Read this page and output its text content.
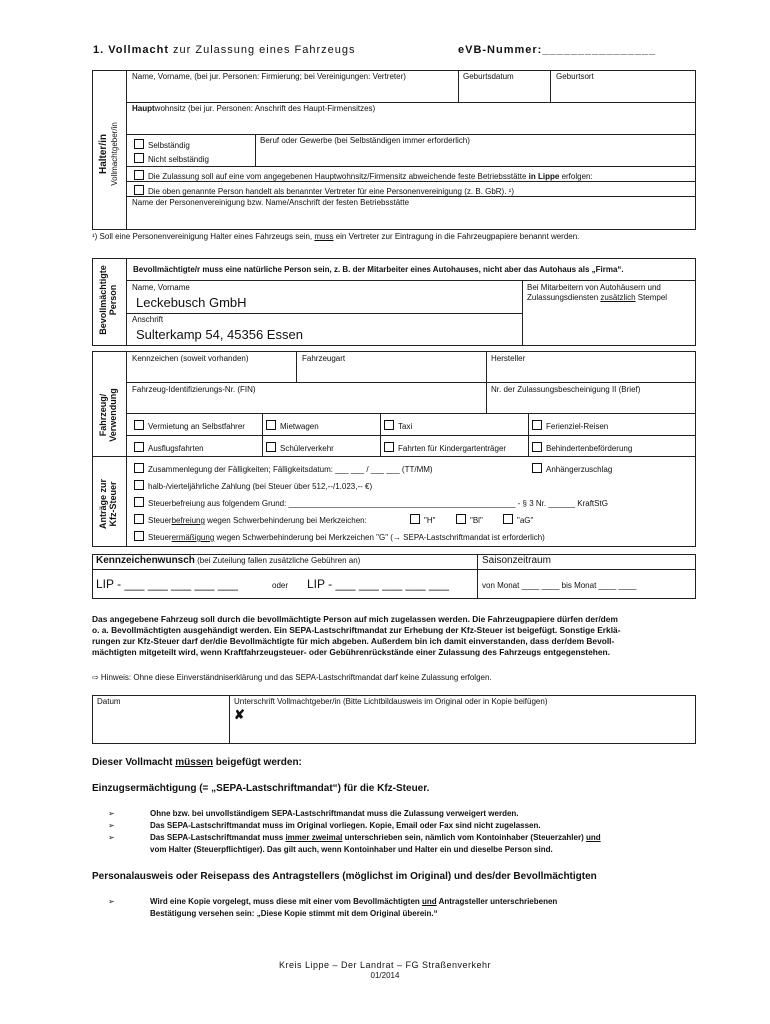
1. Vollmacht zur Zulassung eines Fahrzeugs	eVB-Nummer:________________
Halter/in
Vollmachtgeber/in
Name, Vorname, (bei jur. Personen: Firmierung; bei Vereinigungen: Vertreter)	Geburtsdatum	Geburtsort
Hauptwohnsitz (bei jur. Personen: Anschrift des Haupt-Firmensitzes)
Selbständig
Nicht selbständig
Beruf oder Gewerbe (bei Selbständigen immer erforderlich)
Die Zulassung soll auf eine vom angegebenen Hauptwohnsitz/Firmensitz abweichende feste Betriebsstätte in Lippe erfolgen:
Die oben genannte Person handelt als benannter Vertreter für eine Personenvereinigung (z. B. GbR). ¹)
Name der Personenvereinigung bzw. Name/Anschrift der festen Betriebsstätte
¹) Soll eine Personenvereinigung Halter eines Fahrzeugs sein, muss ein Vertreter zur Eintragung in die Fahrzeugpapiere benannt werden.
Bevollmächtigte
Person
Bevollmächtigte/r muss eine natürliche Person sein, z. B. der Mitarbeiter eines Autohauses, nicht aber das Autohaus als „Firma“.
Name, Vorname
Leckebusch GmbH
Bei Mitarbeitern von Autohäusern und
Zulassungsdiensten zusätzlich Stempel
Anschrift
Sulterkamp 54, 45356 Essen
Fahrzeug/
Verwendung
Kennzeichen (soweit vorhanden)	Fahrzeugart	Hersteller
Fahrzeug-Identifizierungs-Nr. (FIN)	Nr. der Zulassungsbescheinigung II (Brief)
Vermietung an Selbstfahrer	Mietwagen	Taxi	Ferienziel-Reisen
Ausflugsfahrten	Schülerverkehr	Fahrten für Kindergartenträger	Behindertenbeförderung
Anträge zur
Kfz-Steuer
Zusammenlegung der Fälligkeiten; Fälligkeitsdatum: ___ ___ / ___ ___ (TT/MM)	Anhängerzuschlag
halb-/vierteljährliche Zahlung (bei Steuer über 512,--/1.023,-- €)
Steuerbefreiung aus folgendem Grund: ___________________________________________________ - § 3 Nr. ______ KraftStG
Steuerbefreiung wegen Schwerbehinderung bei Merkzeichen:	"H"	"Bl"	"aG"
Steuerermäßigung wegen Schwerbehinderung bei Merkzeichen "G" (→ SEPA-Lastschriftmandat ist erforderlich)
Kennzeichenwunsch (bei Zuteilung fallen zusätzliche Gebühren an)	Saisonzeitraum
LIP - ___ ___ ___ ___ ___	oder LIP - ___ ___ ___ ___ ___	von Monat ____ ____ bis Monat ____ ____
Das angegebene Fahrzeug soll durch die bevollmächtigte Person auf mich zugelassen werden. Die Fahrzeugpapiere dürfen der/dem
o. a. Bevollmächtigten ausgehändigt werden. Ein SEPA-Lastschriftmandat zur Erhebung der Kfz-Steuer ist beigefügt. Sonstige Erklä-
rungen zur Kfz-Steuer darf der/die Bevollmächtigte für mich abgeben. Außerdem bin ich damit einverstanden, dass der/dem Bevoll-
mächtigten mitgeteilt wird, wenn Kraftfahrzeugsteuer- oder Gebührenrückstände einer Zulassung des Fahrzeugs entgegenstehen.
⇨ Hinweis: Ohne diese Einverständniserklärung und das SEPA-Lastschriftmandat darf keine Zulassung erfolgen.
Datum	Unterschrift Vollmachtgeber/in (Bitte Lichtbildausweis im Original oder in Kopie beifügen)
✘
Dieser Vollmacht müssen beigefügt werden:
Einzugsermächtigung (= „SEPA-Lastschriftmandat“) für die Kfz-Steuer.
➢	Ohne bzw. bei unvollständigem SEPA-Lastschriftmandat muss die Zulassung verweigert werden.
➢	Das SEPA-Lastschriftmandat muss im Original vorliegen. Kopie, Email oder Fax sind nicht zugelassen.
➢	Das SEPA-Lastschriftmandat muss immer zweimal unterschrieben sein, nämlich vom Kontoinhaber (Steuerzahler) und
vom Halter (Steuerpflichtiger). Das gilt auch, wenn Kontoinhaber und Halter ein und dieselbe Person sind.
Personalausweis oder Reisepass des Antragstellers (möglichst im Original) und des/der Bevollmächtigten
➢	Wird eine Kopie vorgelegt, muss diese mit einer vom Bevollmächtigten und Antragsteller unterschriebenen
Bestätigung versehen sein: „Diese Kopie stimmt mit dem Original überein.“
Kreis Lippe – Der Landrat – FG Straßenverkehr
01/2014
